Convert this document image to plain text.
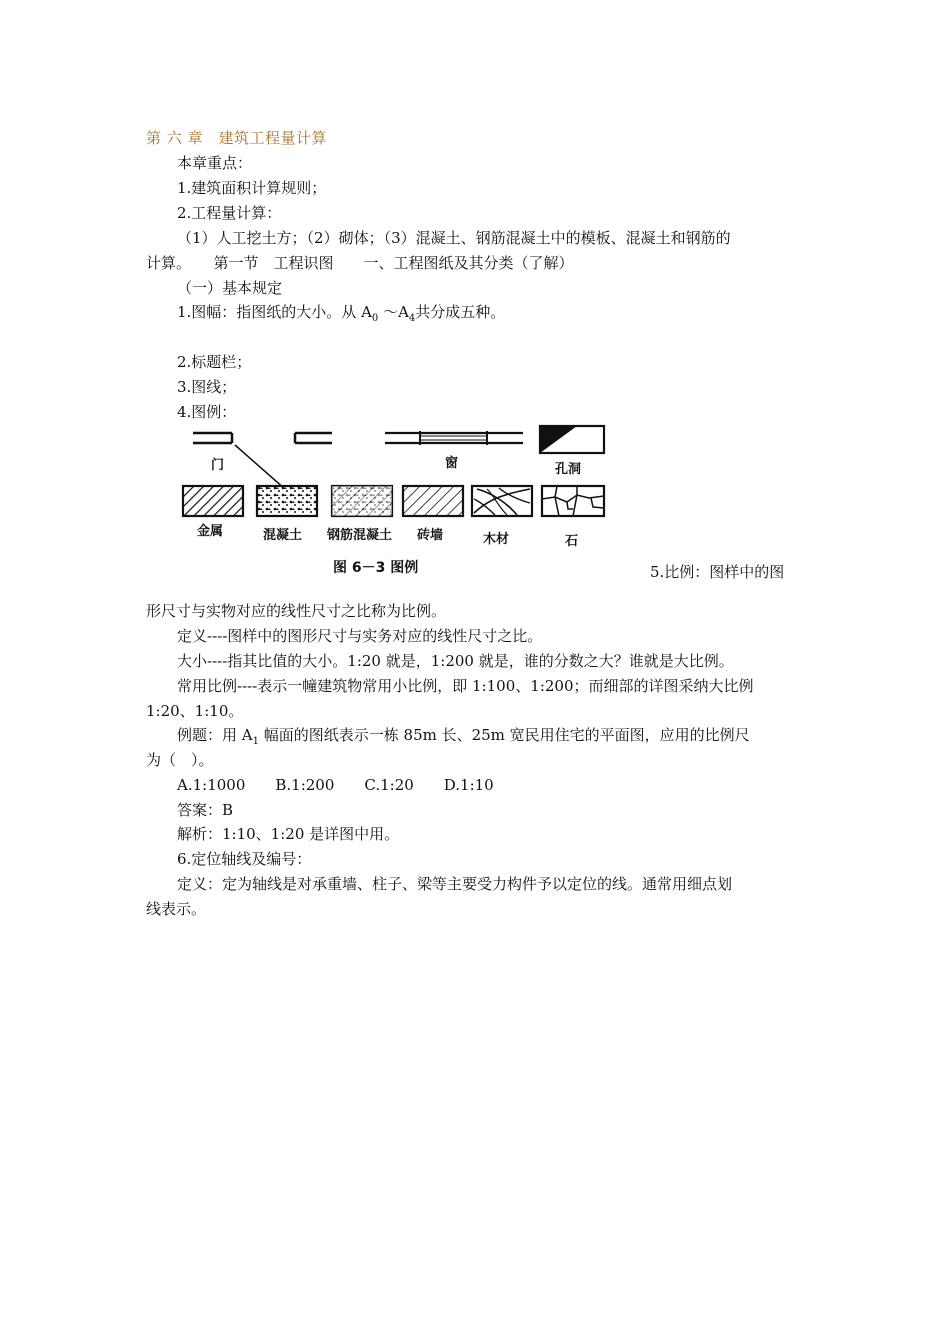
第 六 章　建筑工程量计算
本章重点：
1.建筑面积计算规则；
2.工程量计算：
（1）人工挖土方；（2）砌体；（3）混凝土、钢筋混凝土中的模板、混凝土和钢筋的
计算。　　第一节　工程识图　　一、工程图纸及其分类（了解）
（一）基本规定
1.图幅：指图纸的大小。从 $A_0$ $\sim A_4$共分成五种。
2.标题栏；
3.图线；
4.图例：
门	窗	孔洞
金属	混凝土 钢筋混凝土 砖墙	木材	石
图 6－3 图例	5.比例：图样中的图
形尺寸与实物对应的线性尺寸之比称为比例。
定义----图样中的图形尺寸与实务对应的线性尺寸之比。
大小----指其比值的大小。1:20 就是，1:200 就是，谁的分数之大？谁就是大比例。
常用比例----表示一幢建筑物常用小比例，即 1:100、1:200；而细部的详图采纳大比例
1:20、1:10。
例题：用 $A_1$ 幅面的图纸表示一栋 85m 长、25m 宽民用住宅的平面图，应用的比例尺
为（　）。
A.1:1000　　B.1:200　　C.1:20　　D.1:10
答案：B
解析：1:10、1:20 是详图中用。
6.定位轴线及编号：
定义：定为轴线是对承重墙、柱子、梁等主要受力构件予以定位的线。通常用细点划
线表示。
